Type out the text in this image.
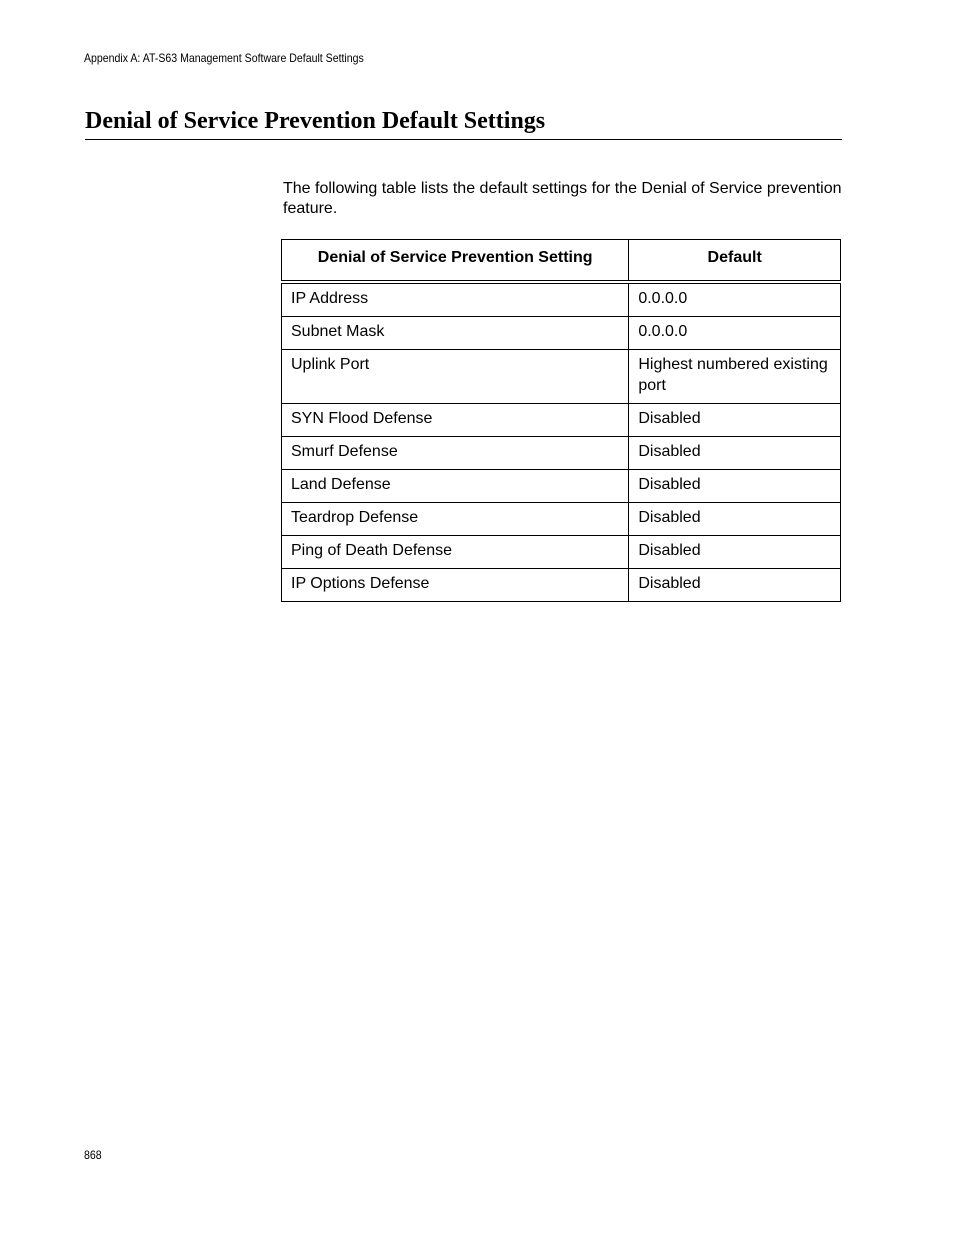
Appendix A: AT-S63 Management Software Default Settings
Denial of Service Prevention Default Settings

The following table lists the default settings for the Denial of Service prevention feature.

Denial of Service Prevention Setting	Default
IP Address	0.0.0.0
Subnet Mask	0.0.0.0
Uplink Port	Highest numbered existing port
SYN Flood Defense	Disabled
Smurf Defense	Disabled
Land Defense	Disabled
Teardrop Defense	Disabled
Ping of Death Defense	Disabled
IP Options Defense	Disabled
868
